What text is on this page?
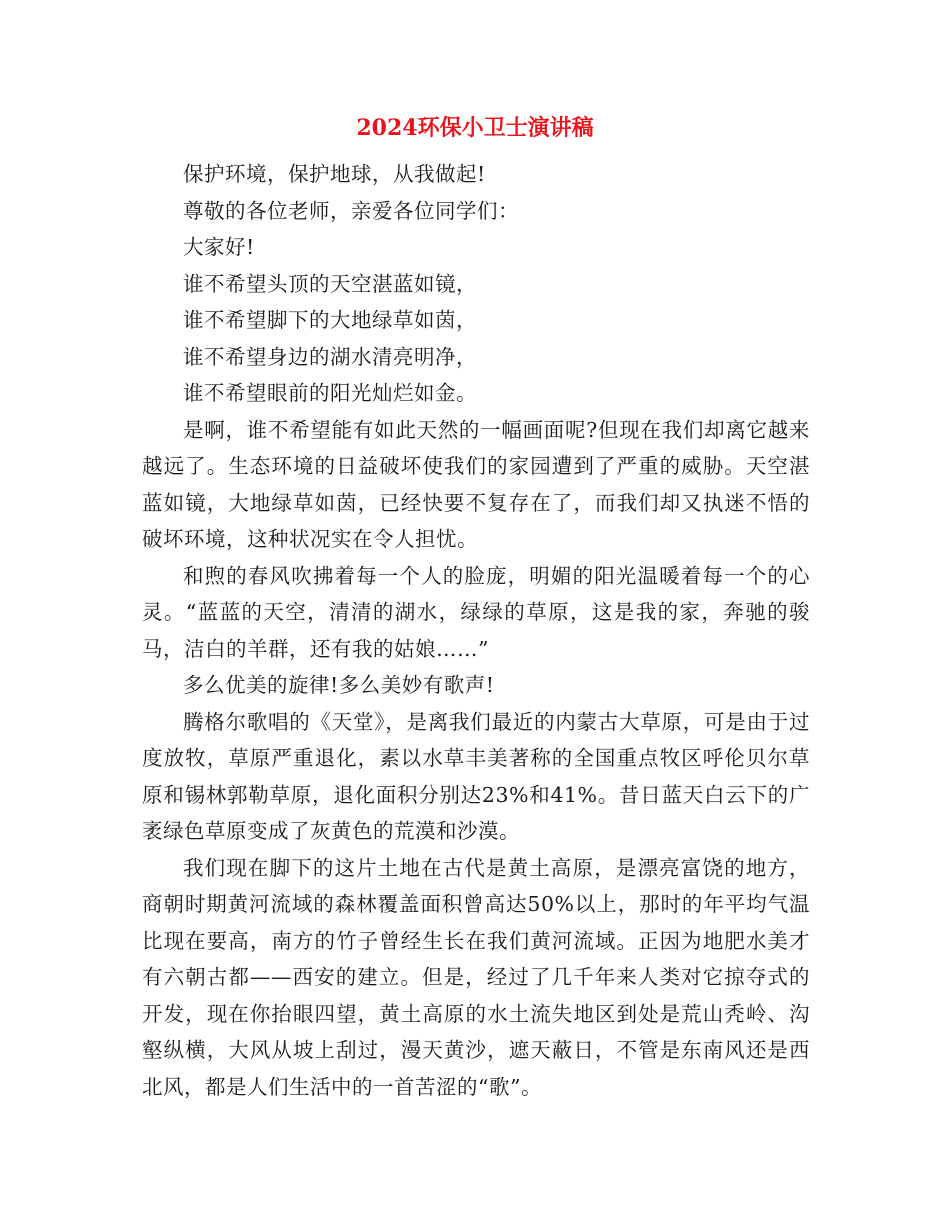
2024环保小卫士演讲稿

保护环境，保护地球，从我做起!

尊敬的各位老师，亲爱各位同学们：

大家好!

谁不希望头顶的天空湛蓝如镜，

谁不希望脚下的大地绿草如茵，

谁不希望身边的湖水清亮明净，

谁不希望眼前的阳光灿烂如金。

是啊，谁不希望能有如此天然的一幅画面呢?但现在我们却离它越来越远了。生态环境的日益破坏使我们的家园遭到了严重的威胁。天空湛蓝如镜，大地绿草如茵，已经快要不复存在了，而我们却又执迷不悟的破坏环境，这种状况实在令人担忧。

和煦的春风吹拂着每一个人的脸庞，明媚的阳光温暖着每一个的心灵。“蓝蓝的天空，清清的湖水，绿绿的草原，这是我的家，奔驰的骏马，洁白的羊群，还有我的姑娘……”

多么优美的旋律!多么美妙有歌声!

腾格尔歌唱的《天堂》，是离我们最近的内蒙古大草原，可是由于过度放牧，草原严重退化，素以水草丰美著称的全国重点牧区呼伦贝尔草原和锡林郭勒草原，退化面积分别达23%和41%。昔日蓝天白云下的广袤绿色草原变成了灰黄色的荒漠和沙漠。

我们现在脚下的这片土地在古代是黄土高原，是漂亮富饶的地方，商朝时期黄河流域的森林覆盖面积曾高达50%以上，那时的年平均气温比现在要高，南方的竹子曾经生长在我们黄河流域。正因为地肥水美才有六朝古都——西安的建立。但是，经过了几千年来人类对它掠夺式的开发，现在你抬眼四望，黄土高原的水土流失地区到处是荒山秃岭、沟壑纵横，大风从坡上刮过，漫天黄沙，遮天蔽日，不管是东南风还是西北风，都是人们生活中的一首苦涩的“歌”。
